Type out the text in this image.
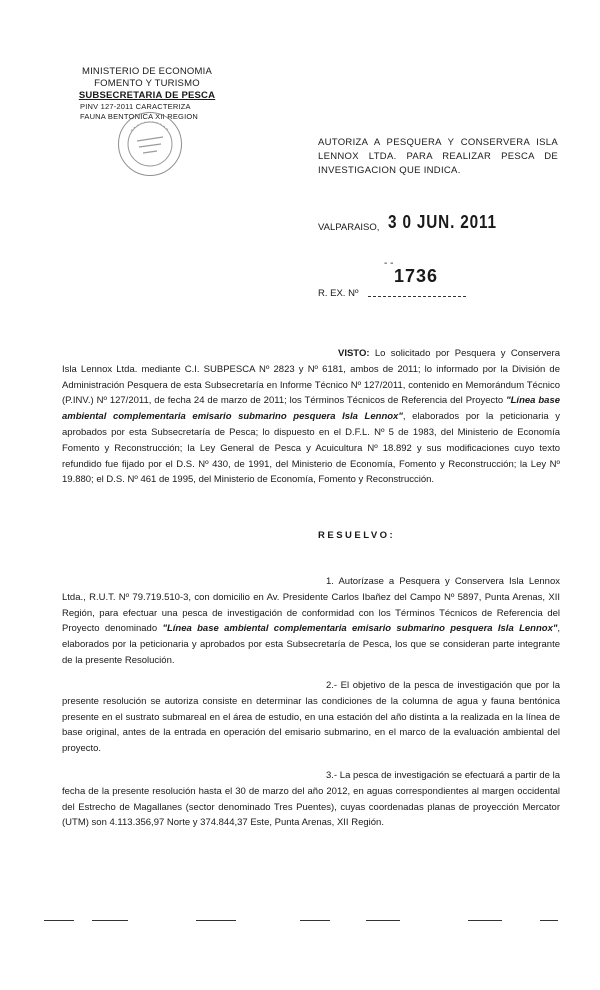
MINISTERIO DE ECONOMIA
FOMENTO Y TURISMO
SUBSECRETARIA DE PESCA
PINV 127-2011 CARACTERIZA
FAUNA BENTONICA XII REGION
AUTORIZA A PESQUERA Y CONSERVERA ISLA LENNOX LTDA. PARA REALIZAR PESCA DE INVESTIGACION QUE INDICA.
VALPARAISO, 3 0 JUN. 2011
- -
1736
R. EX. Nº
VISTO: Lo solicitado por Pesquera y Conservera Isla Lennox Ltda. mediante C.I. SUBPESCA Nº 2823 y Nº 6181, ambos de 2011; lo informado por la División de Administración Pesquera de esta Subsecretaría en Informe Técnico Nº 127/2011, contenido en Memorándum Técnico (P.INV.) Nº 127/2011, de fecha 24 de marzo de 2011; los Términos Técnicos de Referencia del Proyecto "Línea base ambiental complementaria emisario submarino pesquera Isla Lennox", elaborados por la peticionaria y aprobados por esta Subsecretaría de Pesca; lo dispuesto en el D.F.L. Nº 5 de 1983, del Ministerio de Economía Fomento y Reconstrucción; la Ley General de Pesca y Acuicultura Nº 18.892 y sus modificaciones cuyo texto refundido fue fijado por el D.S. Nº 430, de 1991, del Ministerio de Economía, Fomento y Reconstrucción; la Ley Nº 19.880; el D.S. Nº 461 de 1995, del Ministerio de Economía, Fomento y Reconstrucción.
RESUELVO:
1. Autorízase a Pesquera y Conservera Isla Lennox Ltda., R.U.T. Nº 79.719.510-3, con domicilio en Av. Presidente Carlos Ibañez del Campo Nº 5897, Punta Arenas, XII Región, para efectuar una pesca de investigación de conformidad con los Términos Técnicos de Referencia del Proyecto denominado "Línea base ambiental complementaria emisario submarino pesquera Isla Lennox", elaborados por la peticionaria y aprobados por esta Subsecretaría de Pesca, los que se consideran parte integrante de la presente Resolución.
2.- El objetivo de la pesca de investigación que por la presente resolución se autoriza consiste en determinar las condiciones de la columna de agua y fauna bentónica presente en el sustrato submareal en el área de estudio, en una estación del año distinta a la realizada en la línea de base original, antes de la entrada en operación del emisario submarino, en el marco de la evaluación ambiental del proyecto.
3.- La pesca de investigación se efectuará a partir de la fecha de la presente resolución hasta el 30 de marzo del año 2012, en aguas correspondientes al margen occidental del Estrecho de Magallanes (sector denominado Tres Puentes), cuyas coordenadas planas de proyección Mercator (UTM) son 4.113.356,97 Norte y 374.844,37 Este, Punta Arenas, XII Región.
